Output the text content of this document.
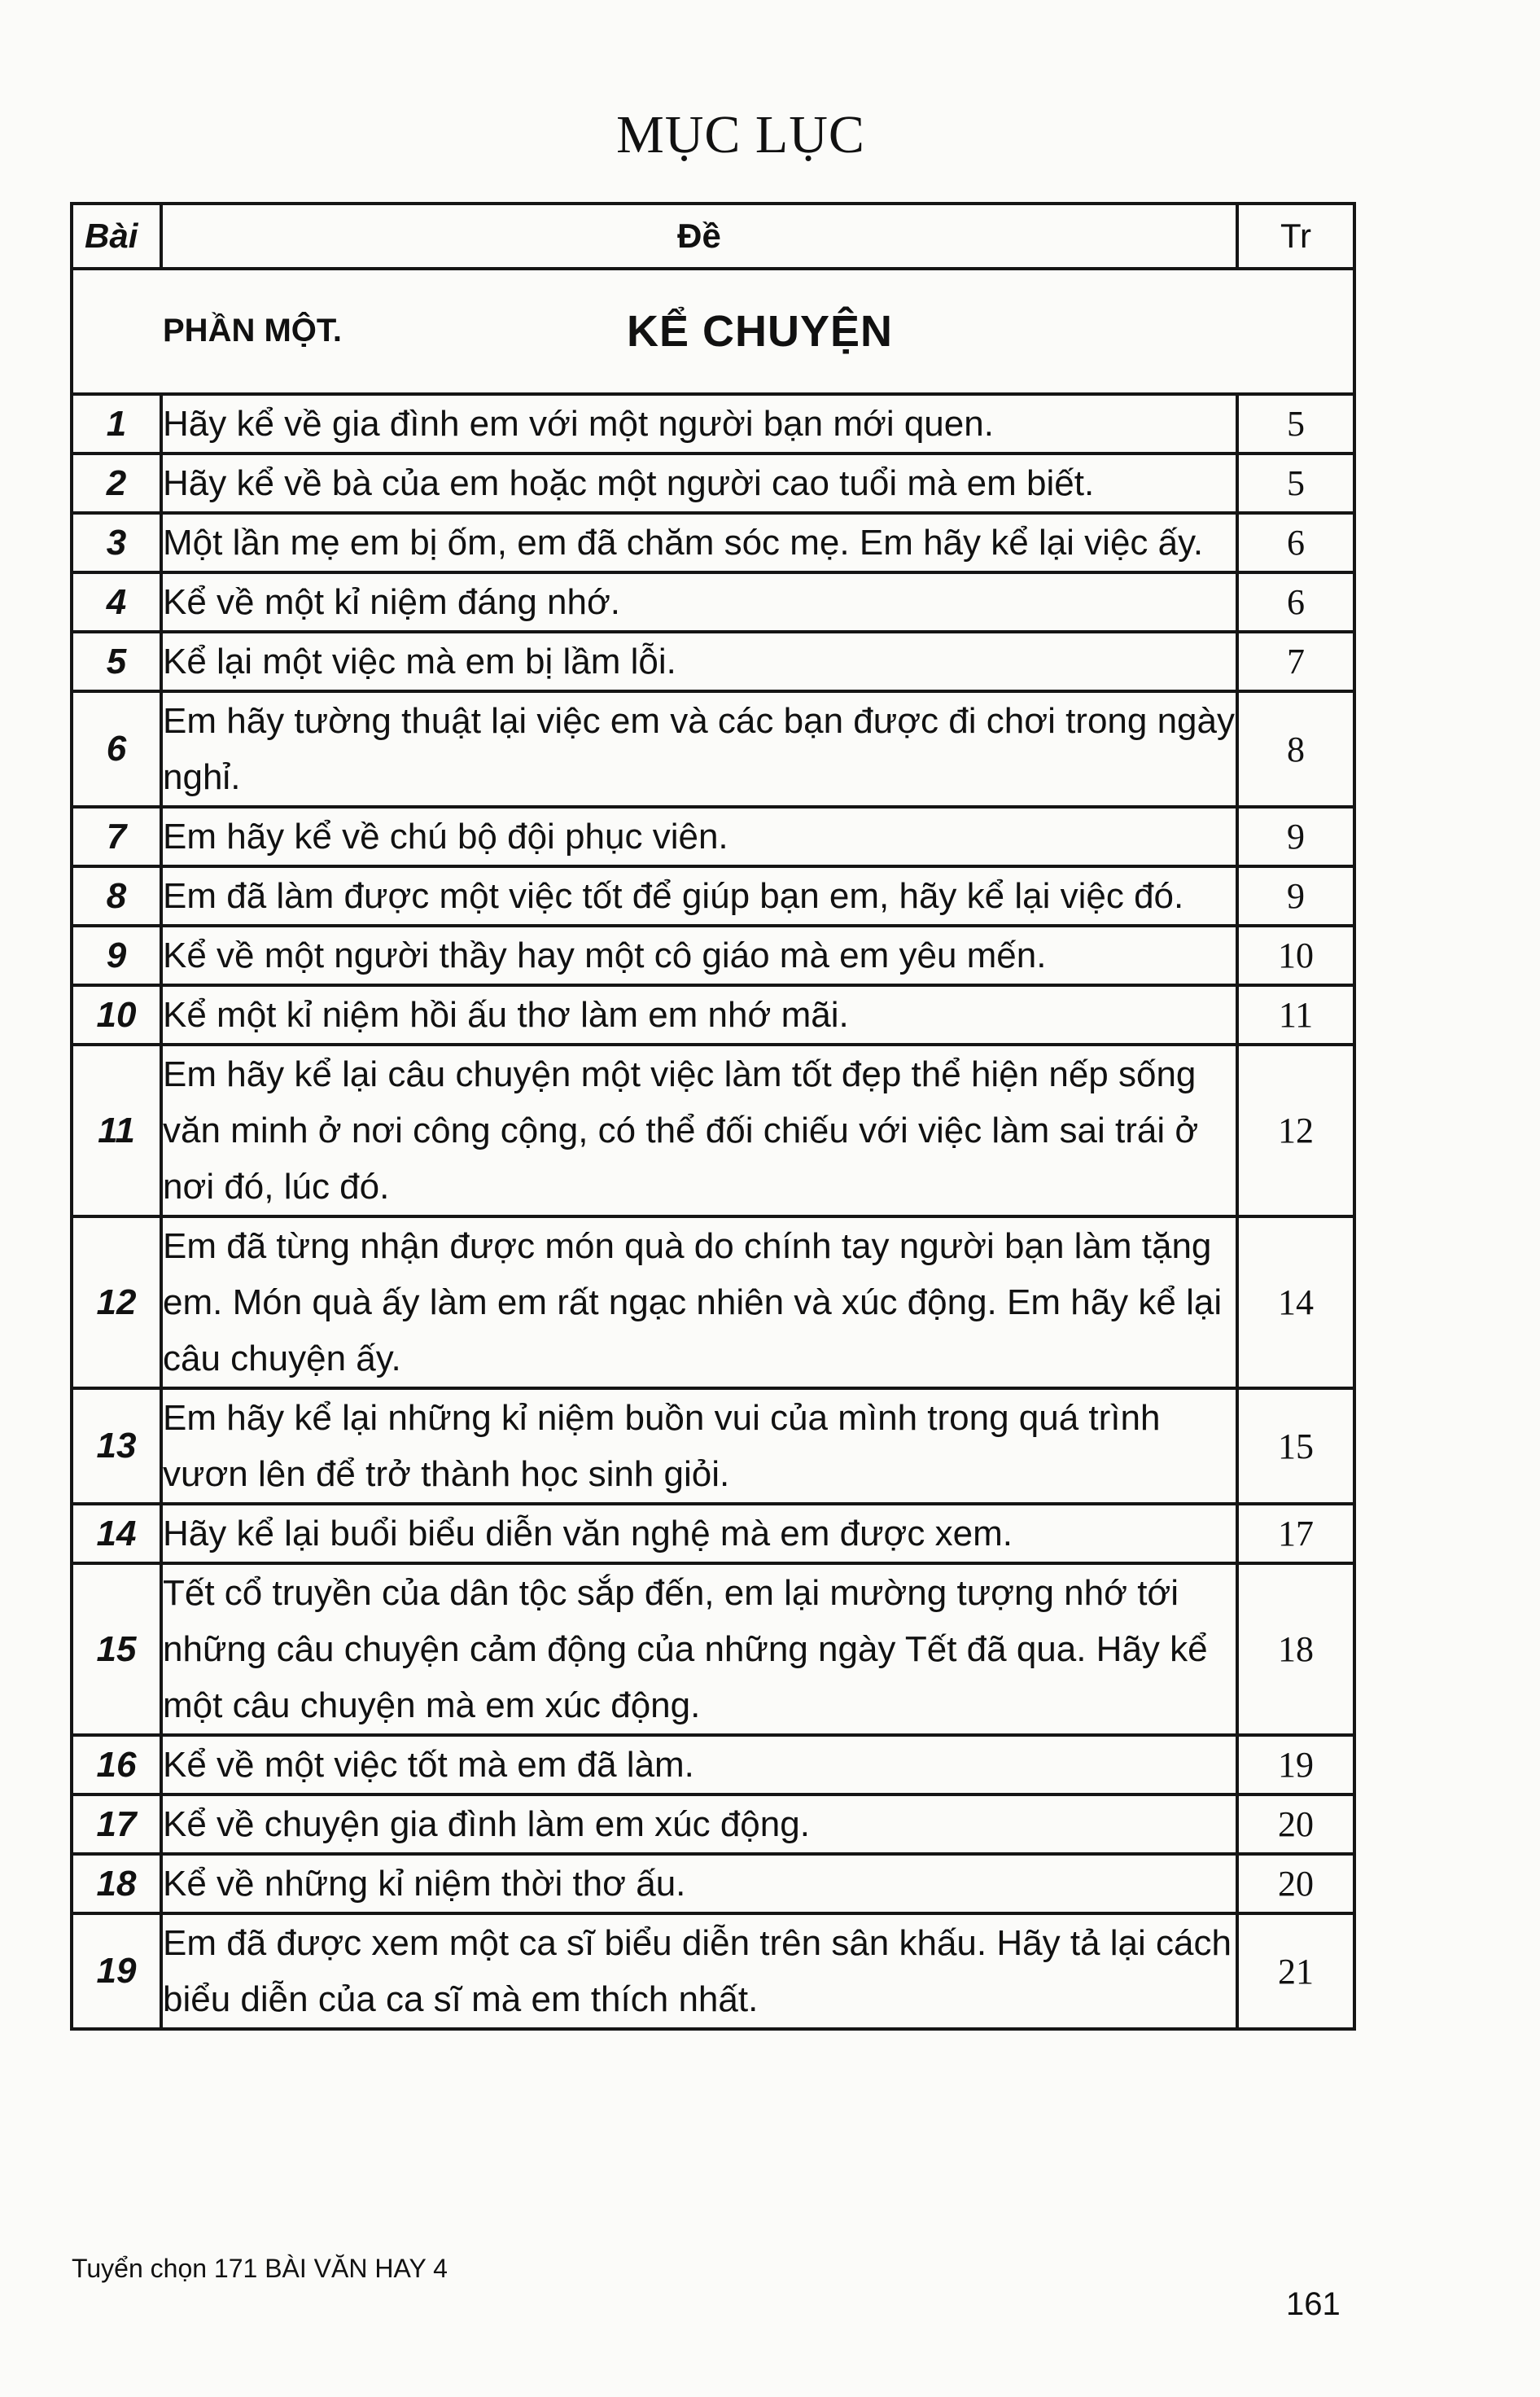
MỤC LỤC
Bài	Đề	Tr

PHẦN MỘT. KỂ CHUYỆN		

1	Hãy kể về gia đình em với một người bạn mới quen.	5
2	Hãy kể về bà của em hoặc một người cao tuổi mà em biết.	5
3	Một lần mẹ em bị ốm, em đã chăm sóc mẹ. Em hãy kể lại việc ấy.	6
4	Kể về một kỉ niệm đáng nhớ.	6
5	Kể lại một việc mà em bị lầm lỗi.	7
6	Em hãy tường thuật lại việc em và các bạn được đi chơi trong ngày nghỉ.	8
7	Em hãy kể về chú bộ đội phục viên.	9
8	Em đã làm được một việc tốt để giúp bạn em, hãy kể lại việc đó.	9
9	Kể về một người thầy hay một cô giáo mà em yêu mến.	10
10	Kể một kỉ niệm hồi ấu thơ làm em nhớ mãi.	11
11	Em hãy kể lại câu chuyện một việc làm tốt đẹp thể hiện nếp sống văn minh ở nơi công cộng, có thể đối chiếu với việc làm sai trái ở nơi đó, lúc đó.	12
12	Em đã từng nhận được món quà do chính tay người bạn làm tặng em. Món quà ấy làm em rất ngạc nhiên và xúc động. Em hãy kể lại câu chuyện ấy.	14
13	Em hãy kể lại những kỉ niệm buồn vui của mình trong quá trình vươn lên để trở thành học sinh giỏi.	15
14	Hãy kể lại buổi biểu diễn văn nghệ mà em được xem.	17
15	Tết cổ truyền của dân tộc sắp đến, em lại mường tượng nhớ tới những câu chuyện cảm động của những ngày Tết đã qua. Hãy kể một câu chuyện mà em xúc động.	18
16	Kể về một việc tốt mà em đã làm.	19
17	Kể về chuyện gia đình làm em xúc động.	20
18	Kể về những kỉ niệm thời thơ ấu.	20
19	Em đã được xem một ca sĩ biểu diễn trên sân khấu. Hãy tả lại cách biểu diễn của ca sĩ mà em thích nhất.	21
Tuyển chọn 171 BÀI VĂN HAY 4
161
